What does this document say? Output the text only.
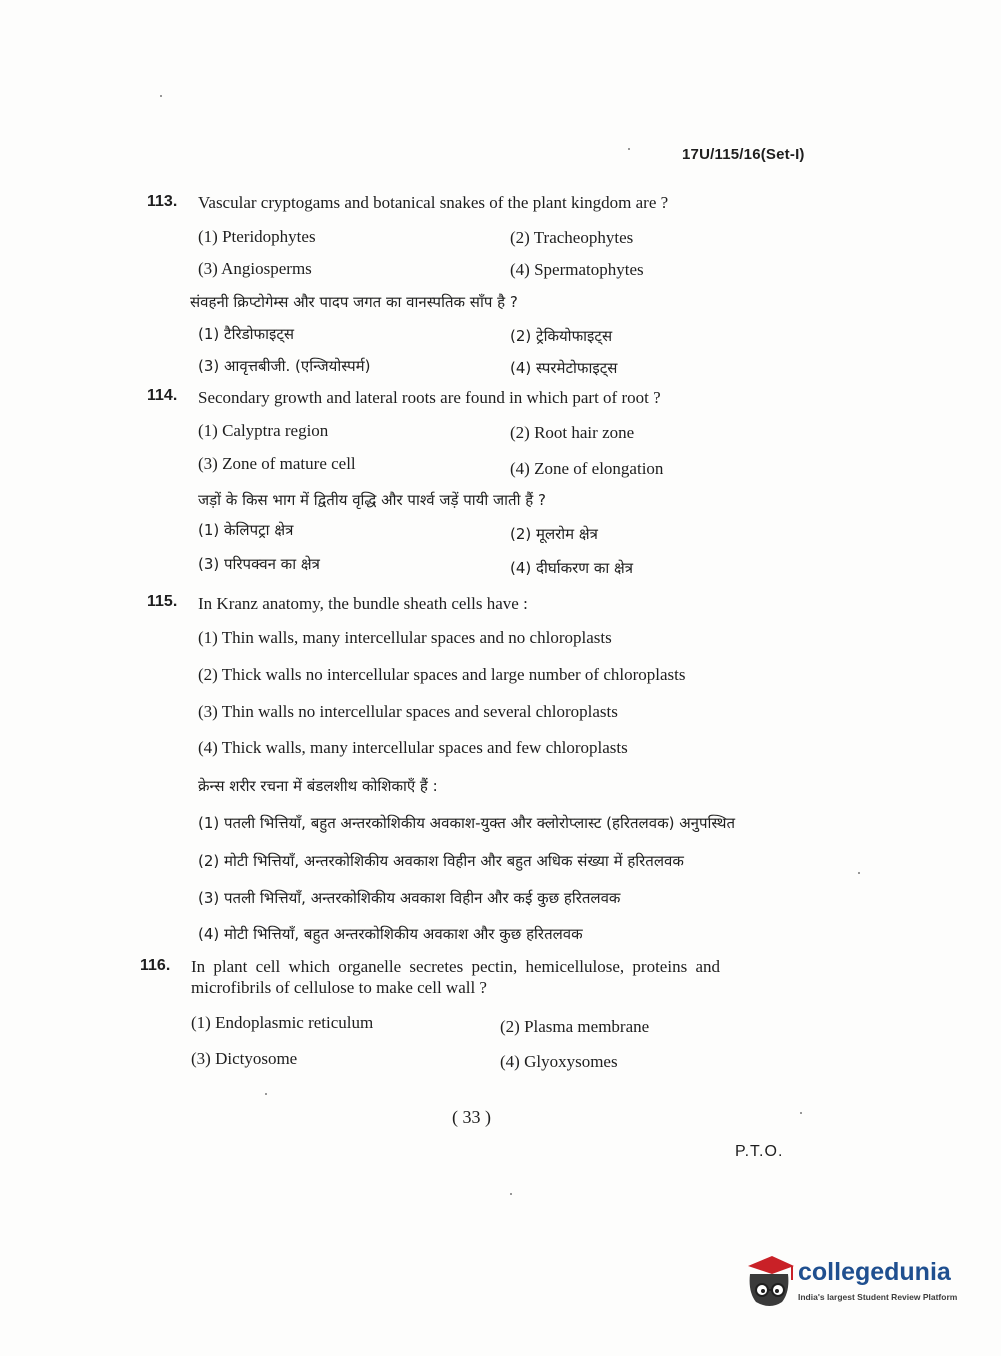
17U/115/16(Set-I)
113. Vascular cryptogams and botanical snakes of the plant kingdom are ?
(1) Pteridophytes	(2) Tracheophytes
(3) Angiosperms	(4) Spermatophytes
संवहनी क्रिप्टोगेम्स और पादप जगत का वानस्पतिक साँप है ?
(1) टैरिडोफाइट्स	(2) ट्रेकियोफाइट्स
(3) आवृत्तबीजी. (एन्जियोस्पर्म)	(4) स्परमेटोफाइट्स
114. Secondary growth and lateral roots are found in which part of root ?
(1) Calyptra region	(2) Root hair zone
(3) Zone of mature cell	(4) Zone of elongation
जड़ों के किस भाग में द्वितीय वृद्धि और पार्श्व जड़ें पायी जाती हैं ?
(1) केलिपट्रा क्षेत्र	(2) मूलरोम क्षेत्र
(3) परिपक्वन का क्षेत्र	(4) दीर्घाकरण का क्षेत्र
115. In Kranz anatomy, the bundle sheath cells have :
(1) Thin walls, many intercellular spaces and no chloroplasts
(2) Thick walls no intercellular spaces and large number of chloroplasts
(3) Thin walls no intercellular spaces and several chloroplasts
(4) Thick walls, many intercellular spaces and few chloroplasts
क्रेन्स शरीर रचना में बंडलशीथ कोशिकाएँ हैं :
(1) पतली भित्तियाँ, बहुत अन्तरकोशिकीय अवकाश-युक्त और क्लोरोप्लास्ट (हरितलवक) अनुपस्थित
(2) मोटी भित्तियाँ, अन्तरकोशिकीय अवकाश विहीन और बहुत अधिक संख्या में हरितलवक
(3) पतली भित्तियाँ, अन्तरकोशिकीय अवकाश विहीन और कई कुछ हरितलवक
(4) मोटी भित्तियाँ, बहुत अन्तरकोशिकीय अवकाश और कुछ हरितलवक
116. In plant cell which organelle secretes pectin, hemicellulose, proteins and
microfibrils of cellulose to make cell wall ?
(1) Endoplasmic reticulum	(2) Plasma membrane
(3) Dictyosome	(4) Glyoxysomes
( 33 )
P.T.O.
collegedunia
India's largest Student Review Platform
